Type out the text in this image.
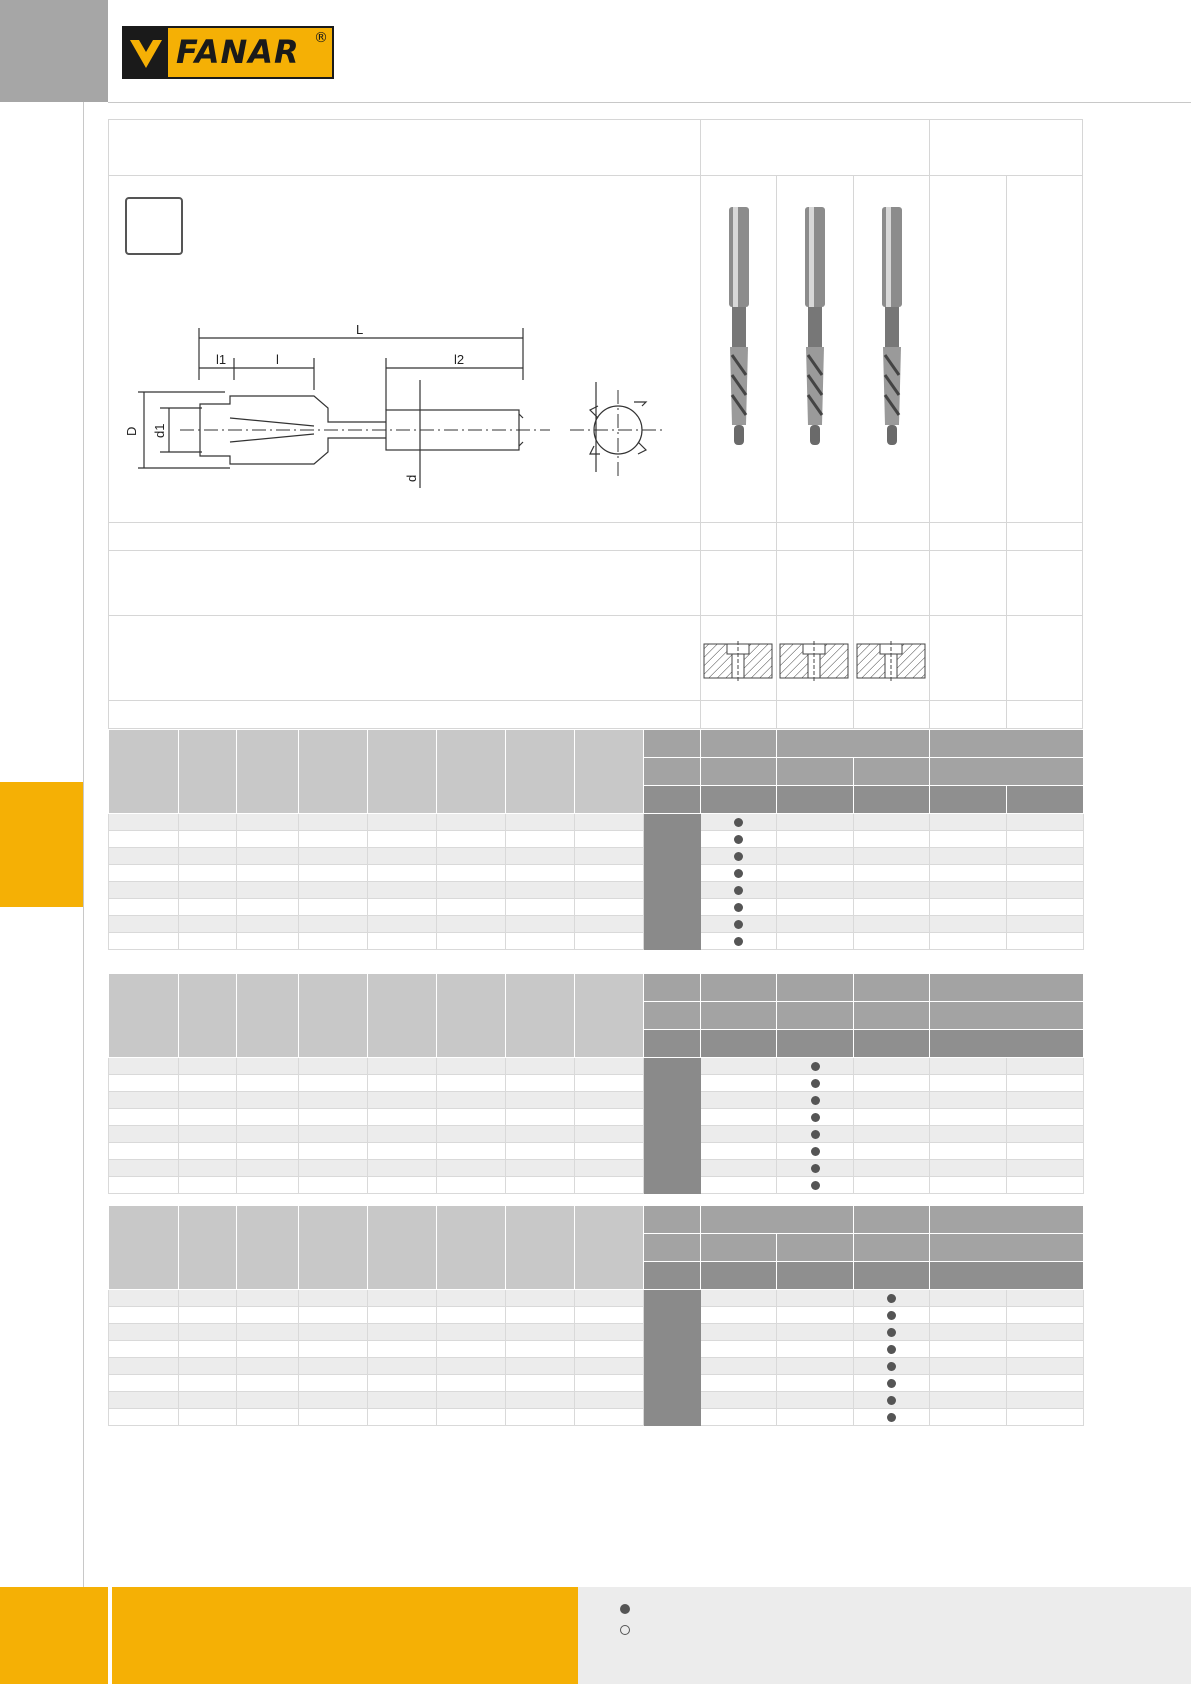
FANAR ®
L
l1	l	l2
D d1
d
